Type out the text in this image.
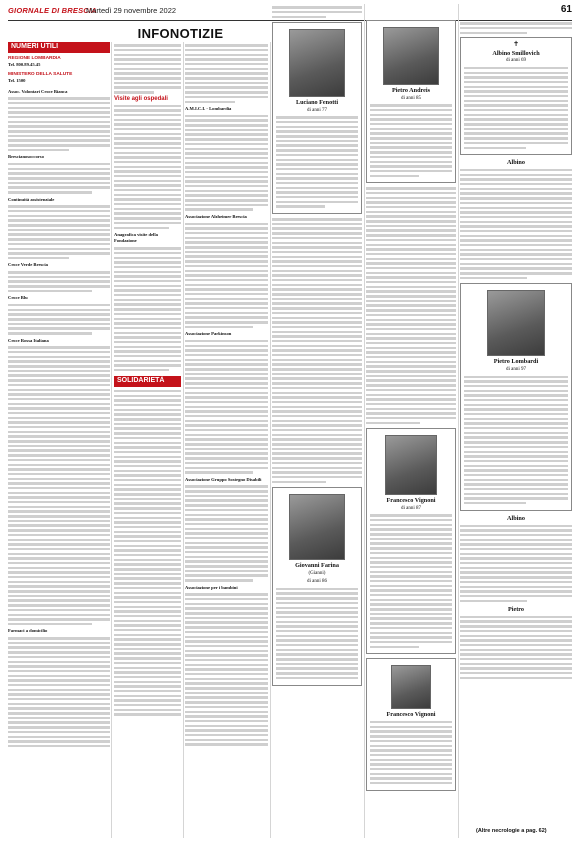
GIORNALE DI BRESCIA
Martedì 29 novembre 2022	61
INFONOTIZIE
NUMERI UTILI
REGIONE LOMBARDIA
Tel. 800.89.45.45
MINISTERO DELLA SALUTE
Tel. 1500
Assoc. Volontari Croce Bianca
Brescianosoccorso
Continuità assistenziale
Croce Verde Brescia
Croce Blu
Croce Rossa Italiana
Farmaci a domicilio
Visite agli ospedali
Anagrafica visite della Fondazione
SOLIDARIETÀ
A.M.I.C.I. - Lombardia
Associazione Alzheimer Brescia
Associazione Parkinson
Associazione Gruppo Sostegno Disabili
Associazione per i bambini
Luciano Fenotti
di anni 77
Giovanni Farina
(Gianni)
di anni 86
Pietro Andreis
di anni 85
Francesco Vignoni
di anni 87
Francesco Vignoni
✝
Albino Smillovich
di anni 69
Albino
Pietro Lombardi
di anni 97
Albino
Pietro
(Altre necrologie a pag. 62)
